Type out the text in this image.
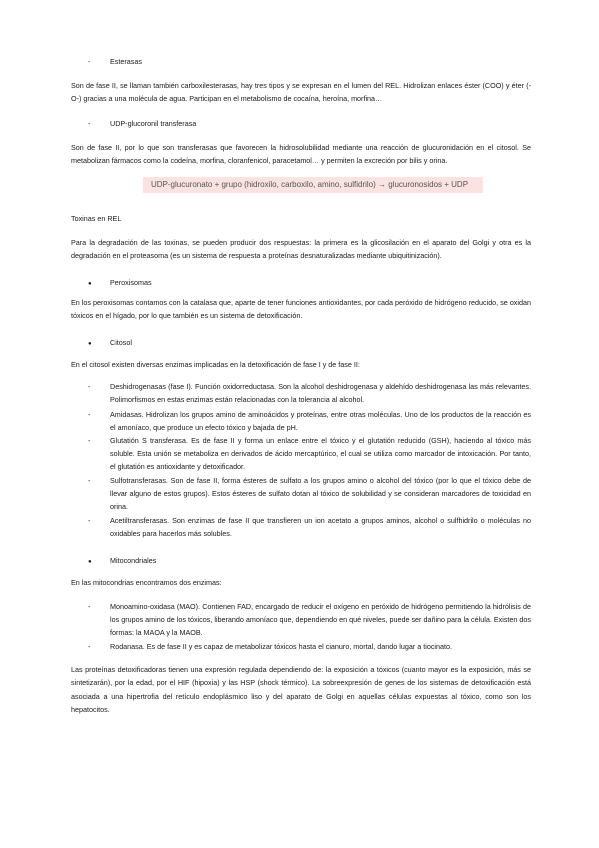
-	Esterasas

Son de fase II, se llaman también carboxilesterasas, hay tres tipos y se expresan en el lumen del REL. Hidrolizan enlaces éster (COO) y éter (-O-) gracias a una molécula de agua. Participan en el metabolismo de cocaína, heroína, morfina…

-	UDP-glucoronil transferasa

Son de fase II, por lo que son transferasas que favorecen la hidrosolubilidad mediante una reacción de glucuronidación en el citosol. Se metabolizan fármacos como la codeína, morfina, cloranfenicol, paracetamol… y permiten la excreción por bilis y orina.

UDP-glucuronato + grupo (hidroxilo, carboxilo, amino, sulfidrilo) → glucuronosidos + UDP
Toxinas en REL

Para la degradación de las toxinas, se pueden producir dos respuestas: la primera es la glicosilación en el aparato del Golgi y otra es la degradación en el proteasoma (es un sistema de respuesta a proteínas desnaturalizadas mediante ubiquitinización).

●	Peroxisomas

En los peroxisomas contamos con la catalasa que, aparte de tener funciones antioxidantes, por cada peróxido de hidrógeno reducido, se oxidan tóxicos en el hígado, por lo que también es un sistema de detoxificación.

●	Citosol

En el citosol existen diversas enzimas implicadas en la detoxificación de fase I y de fase II:

-	Deshidrogenasas (fase I). Función oxidorreductasa. Son la alcohol deshidrogenasa y aldehído deshidrogenasa las más relevantes. Polimorfismos en estas enzimas están relacionadas con la tolerancia al alcohol.

-	Amidasas. Hidrolizan los grupos amino de aminoácidos y proteínas, entre otras moléculas. Uno de los productos de la reacción es el amoníaco, que produce un efecto tóxico y bajada de pH.

-	Glutatión S transferasa. Es de fase II y forma un enlace entre el tóxico y el glutatión reducido (GSH), haciendo al tóxico más soluble. Esta unión se metaboliza en derivados de ácido mercaptúrico, el cual se utiliza como marcador de intoxicación. Por tanto, el glutatión es antioxidante y detoxificador.

-	Sulfotransferasas. Son de fase II, forma ésteres de sulfato a los grupos amino o alcohol del tóxico (por lo que el tóxico debe de llevar alguno de estos grupos). Estos ésteres de sulfato dotan al tóxico de solubilidad y se consideran marcadores de toxicidad en orina.

-	Acetiltransferasas. Son enzimas de fase II que transfieren un ion acetato a grupos aminos, alcohol o sulfhidrilo o moléculas no oxidables para hacerlos más solubles.

●	Mitocondriales

En las mitocondrias encontramos dos enzimas:

-	Monoamino-oxidasa (MAO). Contienen FAD, encargado de reducir el oxígeno en peróxido de hidrógeno permitiendo la hidrólisis de los grupos amino de los tóxicos, liberando amoníaco que, dependiendo en qué niveles, puede ser dañino para la célula. Existen dos formas: la MAOA y la MAOB.

-	Rodanasa. Es de fase II y es capaz de metabolizar tóxicos hasta el cianuro, mortal, dando lugar a tiocinato.

Las proteínas detoxificadoras tienen una expresión regulada dependiendo de: la exposición a tóxicos (cuanto mayor es la exposición, más se sintetizarán), por la edad, por el HIF (hipoxia) y las HSP (shock térmico). La sobreexpresión de genes de los sistemas de detoxificación está asociada a una hipertrofia del retículo endoplásmico liso y del aparato de Golgi en aquellas células expuestas al tóxico, como son los hepatocitos.
